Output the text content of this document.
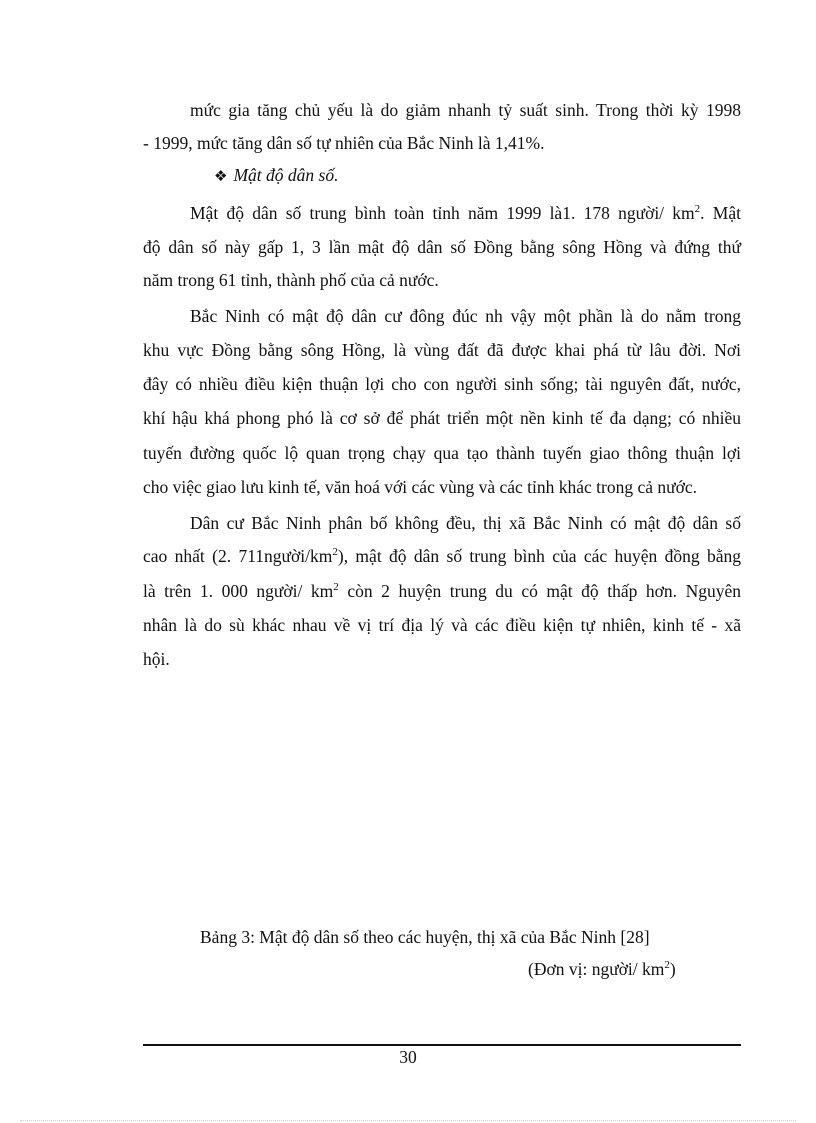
mức gia tăng chủ yếu là do giảm nhanh tỷ suất sinh. Trong thời kỳ 1998
- 1999, mức tăng dân số tự nhiên của Bắc Ninh là 1,41%.
❖ Mật độ dân số.
Mật độ dân số trung bình toàn tỉnh năm 1999 là1. 178 người/ $km^2$. Mật
độ dân số này gấp 1, 3 lần mật độ dân số Đồng bằng sông Hồng và đứng thứ
năm trong 61 tỉnh, thành phố của cả nước.
Bắc Ninh có mật độ dân cư đông đúc nh vậy một phần là do nằm trong
khu vực Đồng bằng sông Hồng, là vùng đất đã được khai phá từ lâu đời. Nơi
đây có nhiều điều kiện thuận lợi cho con người sinh sống; tài nguyên đất, nước,
khí hậu khá phong phó là cơ sở để phát triển một nền kinh tế đa dạng; có nhiều
tuyến đường quốc lộ quan trọng chạy qua tạo thành tuyến giao thông thuận lợi
cho việc giao lưu kinh tế, văn hoá với các vùng và các tỉnh khác trong cả nước.
Dân cư Bắc Ninh phân bố không đều, thị xã Bắc Ninh có mật độ dân số
cao nhất (2. $711người/km^2$), mật độ dân số trung bình của các huyện đồng bằng
là trên 1. 000 người/ $km^2$ còn 2 huyện trung du có mật độ thấp hơn. Nguyên
nhân là do sù khác nhau về vị trí địa lý và các điều kiện tự nhiên, kinh tế - xã
hội.
Bảng 3: Mật độ dân số theo các huyện, thị xã của Bắc Ninh [28]
(Đơn vị: người/ $km^2$)
30
